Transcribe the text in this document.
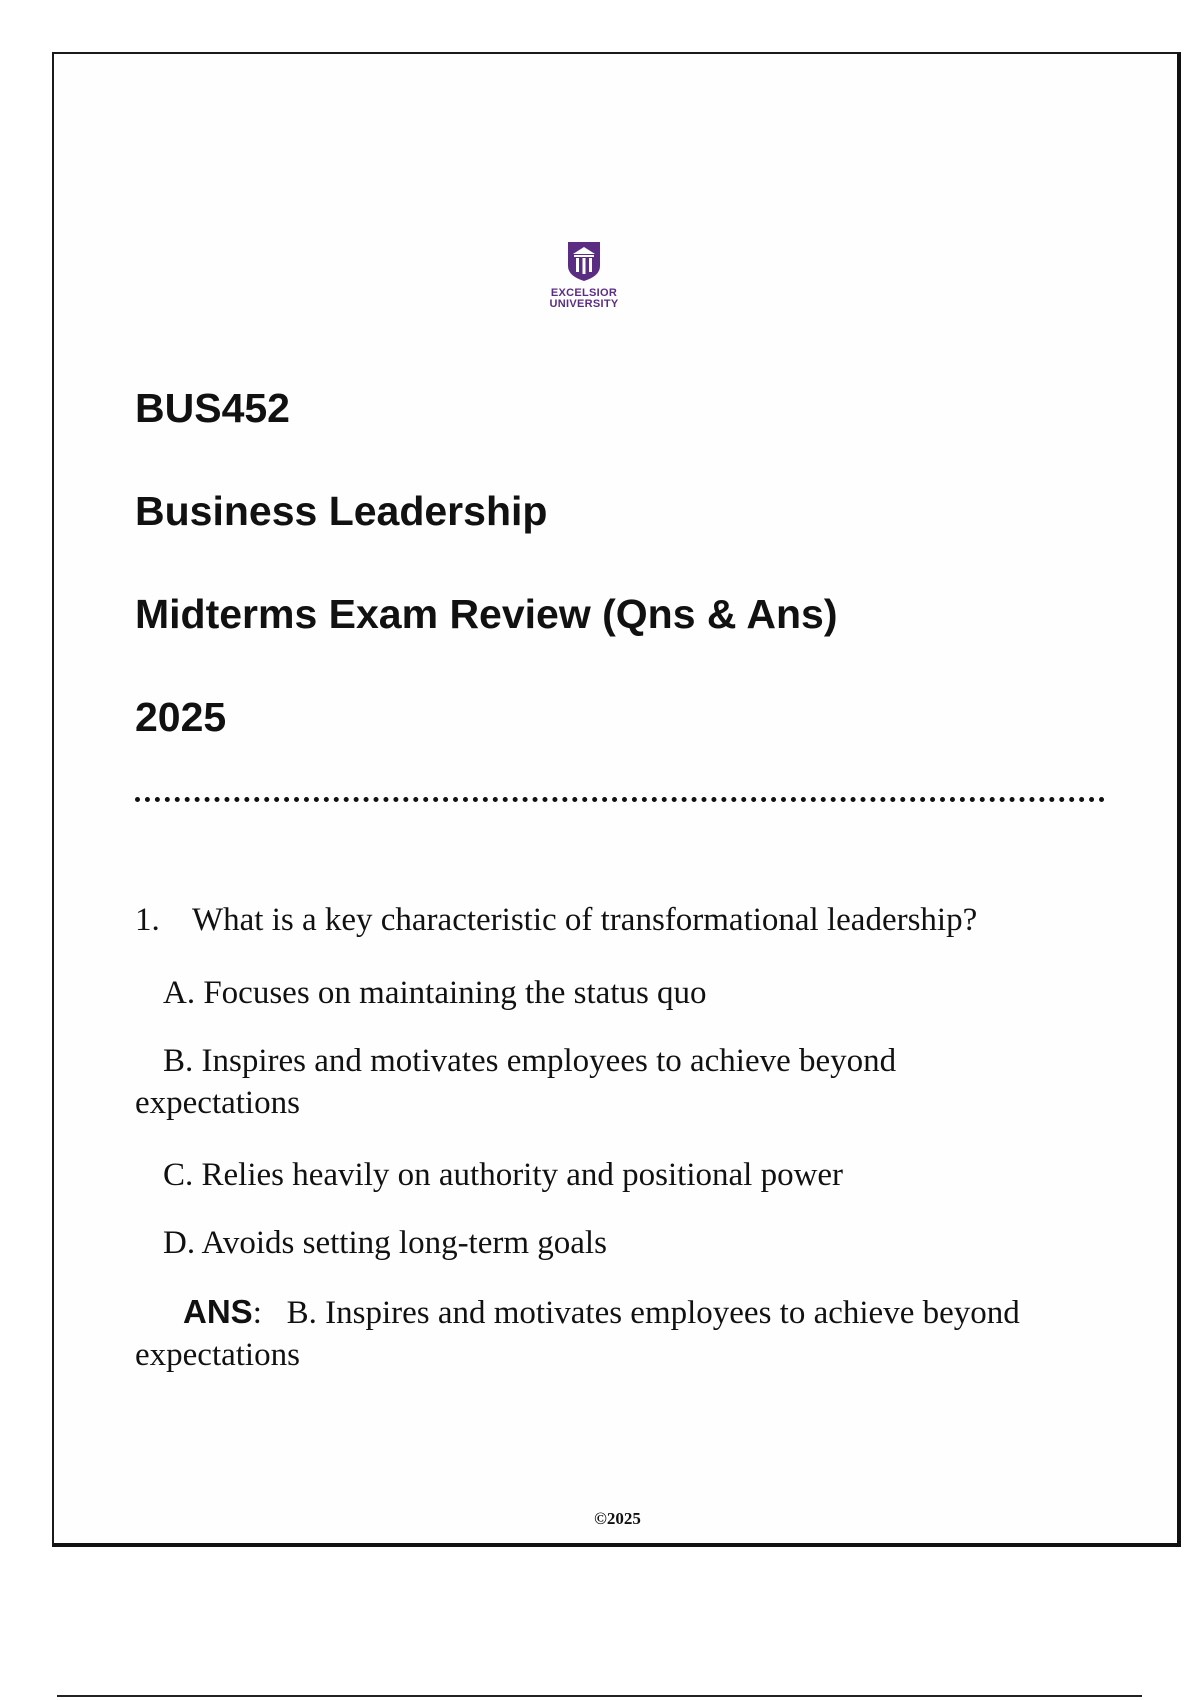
EXCELSIOR
UNIVERSITY
BUS452
Business Leadership
Midterms Exam Review (Qns & Ans)
2025
1. What is a key characteristic of transformational leadership?
A. Focuses on maintaining the status quo
B. Inspires and motivates employees to achieve beyond expectations
C. Relies heavily on authority and positional power
D. Avoids setting long-term goals
ANS:   B. Inspires and motivates employees to achieve beyond expectations
©2025
